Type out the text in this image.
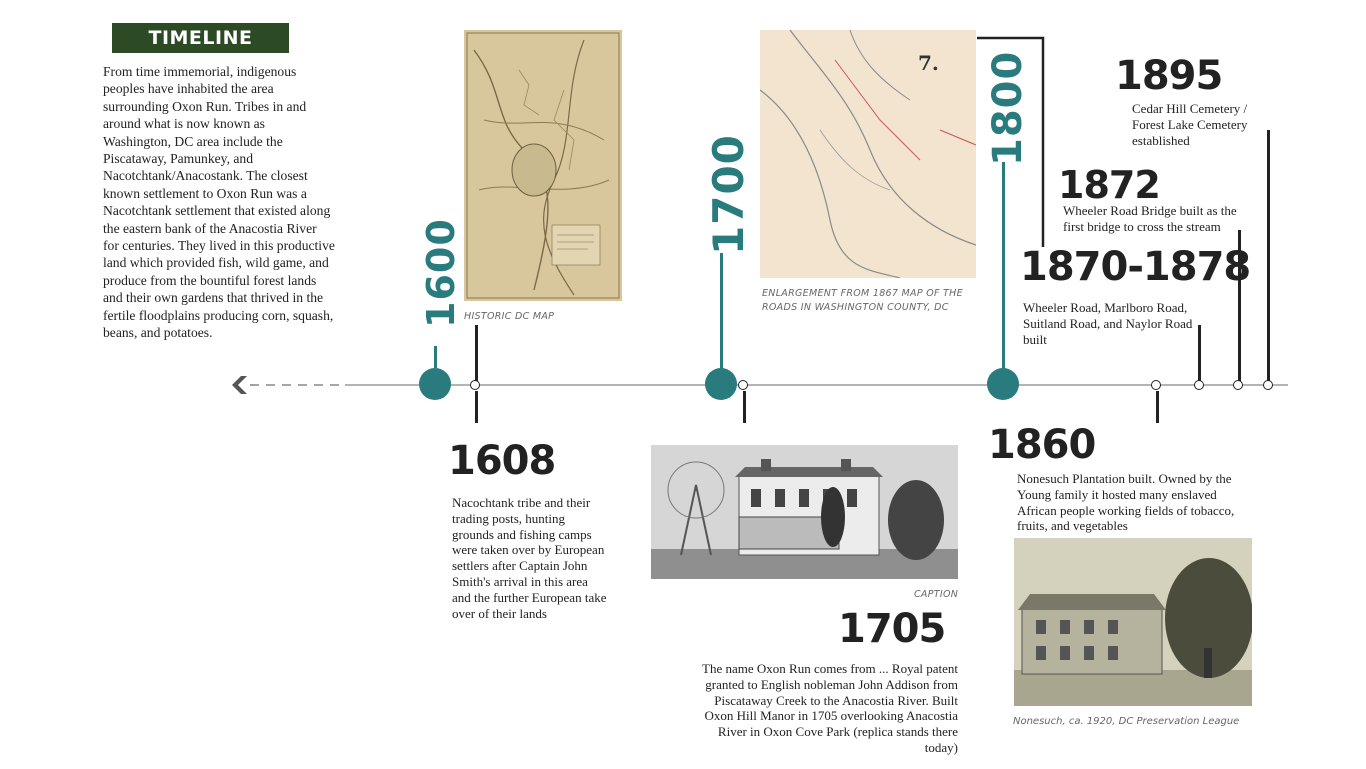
TIMELINE
From time immemorial, indigenous peoples have inhabited the area surrounding Oxon Run. Tribes in and around what is now known as Washington, DC area include the Piscataway, Pamunkey, and Nacotchtank/Anacostank. The closest known settlement to Oxon Run was a Nacotchtank settlement that existed along the eastern bank of the Anacostia River for centuries. They lived in this productive land which provided fish, wild game, and produce from the bountiful forest lands and their own gardens that thrived in the fertile floodplains producing corn, squash, beans, and potatoes.
1600
1700
1800
HISTORIC DC MAP
7.
ENLARGEMENT FROM 1867 MAP OF THE ROADS IN WASHINGTON COUNTY, DC
CAPTION
Nonesuch, ca. 1920, DC Preservation League
1608
Nacochtank tribe and their trading posts, hunting grounds and fishing camps were taken over by European settlers after Captain John Smith's arrival in this area and the further European take over of their lands	1705
The name Oxon Run comes from ... Royal patent granted to English nobleman John Addison from Piscataway Creek to the Anacostia River. Built Oxon Hill Manor in 1705 overlooking Anacostia River in Oxon Cove Park (replica stands there today)
1860
Nonesuch Plantation built. Owned by the Young family it hosted many enslaved African people working fields of tobacco, fruits, and vegetables
1870-1878
Wheeler Road, Marlboro Road, Suitland Road, and Naylor Road built
1872
Wheeler Road Bridge built as the first bridge to cross the stream
1895
Cedar Hill Cemetery / Forest Lake Cemetery established
